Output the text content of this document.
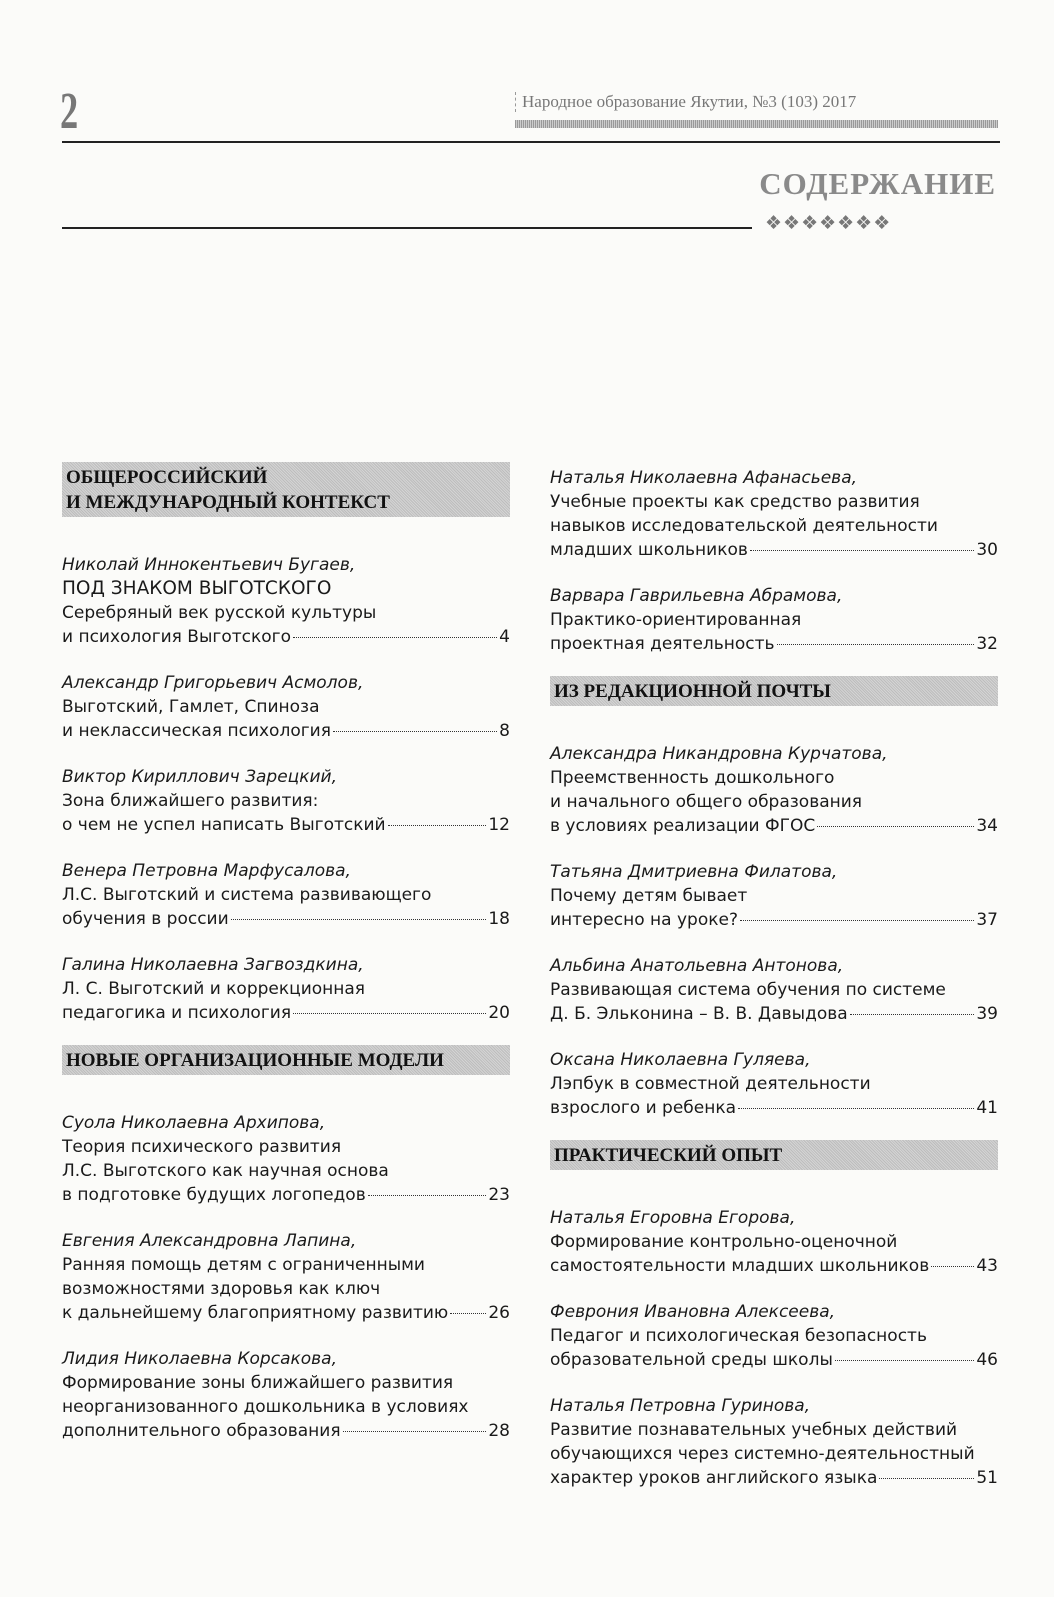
2	Народное образование Якутии, №3 (103) 2017
СОДЕРЖАНИЕ
❖❖❖❖❖❖❖
ОБЩЕРОССИЙСКИЙ
И МЕЖДУНАРОДНЫЙ КОНТЕКСТ
Николай Иннокентьевич Бугаев,
ПОД ЗНАКОМ ВЫГОТСКОГО
Серебряный век русской культуры
и психология Выготского	4
Александр Григорьевич Асмолов,
Выготский, Гамлет, Спиноза
и неклассическая психология	8
Виктор Кириллович Зарецкий,
Зона ближайшего развития:
о чем не успел написать Выготский	12
Венера Петровна Марфусалова,
Л.С. Выготский и система развивающего
обучения в россии	18
Галина Николаевна Загвоздкина,
Л. С. Выготский и коррекционная
педагогика и психология	20
НОВЫЕ ОРГАНИЗАЦИОННЫЕ МОДЕЛИ
Суола Николаевна Архипова,
Теория психического развития
Л.С. Выготского как научная основа
в подготовке будущих логопедов	23
Евгения Александровна Лапина,
Ранняя помощь детям с ограниченными
возможностями здоровья как ключ
к дальнейшему благоприятному развитию 26
Лидия Николаевна Корсакова,
Формирование зоны ближайшего развития
неорганизованного дошкольника в условиях
дополнительного образования	28
Наталья Николаевна Афанасьева,
Учебные проекты как средство развития
навыков исследовательской деятельности
младших школьников	30
Варвара Гаврильевна Абрамова,
Практико-ориентированная
проектная деятельность	32
ИЗ РЕДАКЦИОННОЙ ПОЧТЫ
Александра Никандровна Курчатова,
Преемственность дошкольного
и начального общего образования
в условиях реализации ФГОС	34
Татьяна Дмитриевна Филатова,
Почему детям бывает
интересно на уроке?	37
Альбина Анатольевна Антонова,
Развивающая система обучения по системе
Д. Б. Эльконина – В. В. Давыдова	39
Оксана Николаевна Гуляева,
Лэпбук в совместной деятельности
взрослого и ребенка	41
ПРАКТИЧЕСКИЙ ОПЫТ
Наталья Егоровна Егорова,
Формирование контрольно-оценочной
самостоятельности младших школьников	43
Феврония Ивановна Алексеева,
Педагог и психологическая безопасность
образовательной среды школы	46
Наталья Петровна Гуринова,
Развитие познавательных учебных действий
обучающихся через системно-деятельностный
характер уроков английского языка	51
